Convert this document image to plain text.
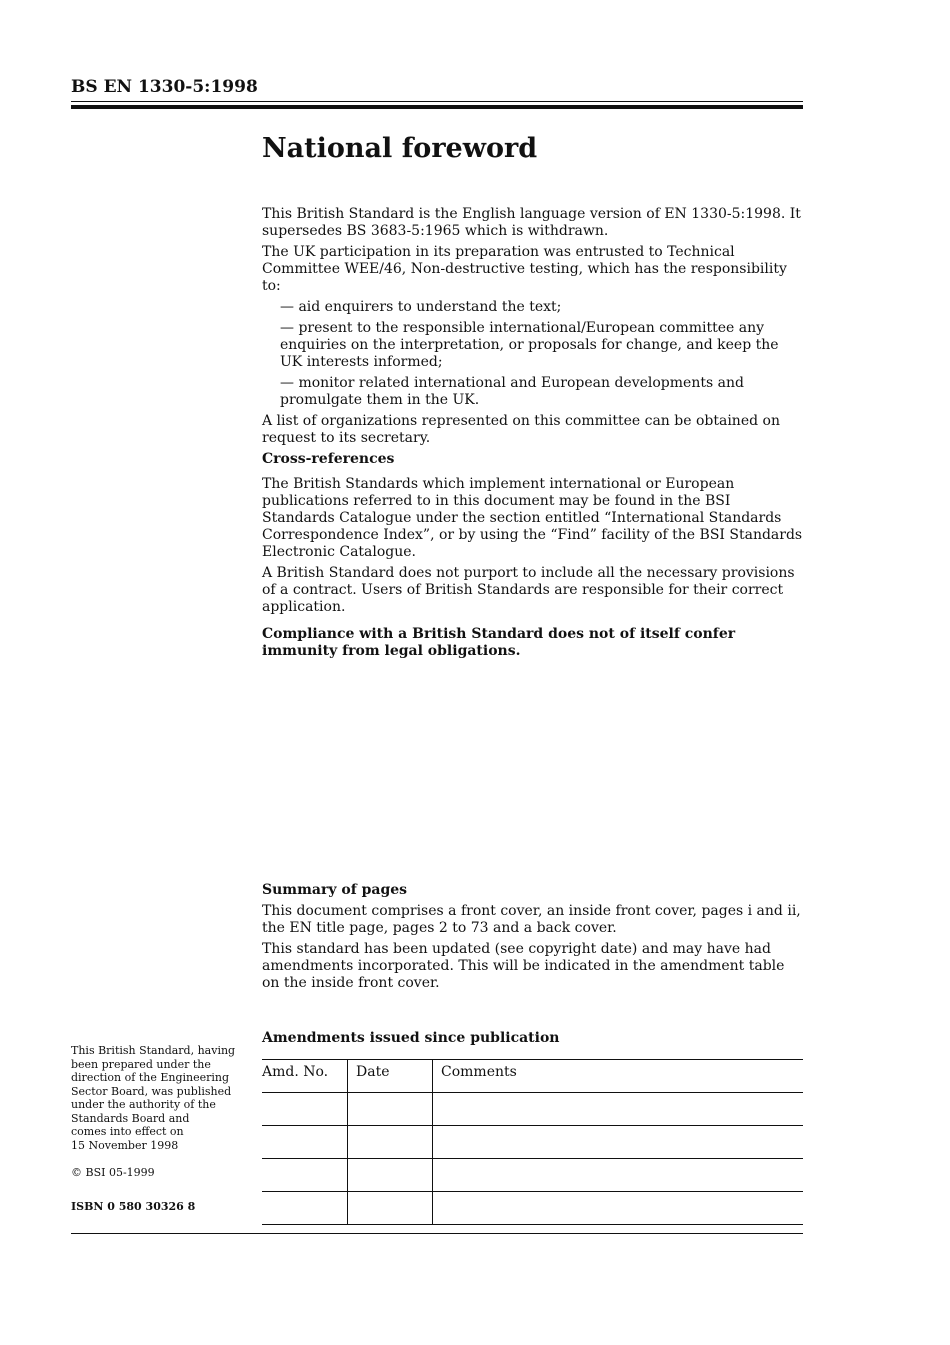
BS EN 1330-5:1998
National foreword

This British Standard is the English language version of EN 1330-5:1998. It supersedes BS 3683-5:1965 which is withdrawn.

The UK participation in its preparation was entrusted to Technical Committee WEE/46, Non-destructive testing, which has the responsibility to:

— aid enquirers to understand the text;

— present to the responsible international/European committee any enquiries on the interpretation, or proposals for change, and keep the UK interests informed;

— monitor related international and European developments and promulgate them in the UK.

A list of organizations represented on this committee can be obtained on request to its secretary.

Cross-references

The British Standards which implement international or European publications referred to in this document may be found in the BSI Standards Catalogue under the section entitled “International Standards Correspondence Index”, or by using the “Find” facility of the BSI Standards Electronic Catalogue.

A British Standard does not purport to include all the necessary provisions of a contract. Users of British Standards are responsible for their correct application.

Compliance with a British Standard does not of itself confer immunity from legal obligations.

Summary of pages

This document comprises a front cover, an inside front cover, pages i and ii, the EN title page, pages 2 to 73 and a back cover.

This standard has been updated (see copyright date) and may have had amendments incorporated. This will be indicated in the amendment table on the inside front cover.

Amendments issued since publication
Amd. No.	Date	Comments

This British Standard, having

been prepared under the

direction of the Engineering

Sector Board, was published

under the authority of the

Standards Board and

comes into effect on

15 November 1998

© BSI 05-1999

ISBN 0 580 30326 8
